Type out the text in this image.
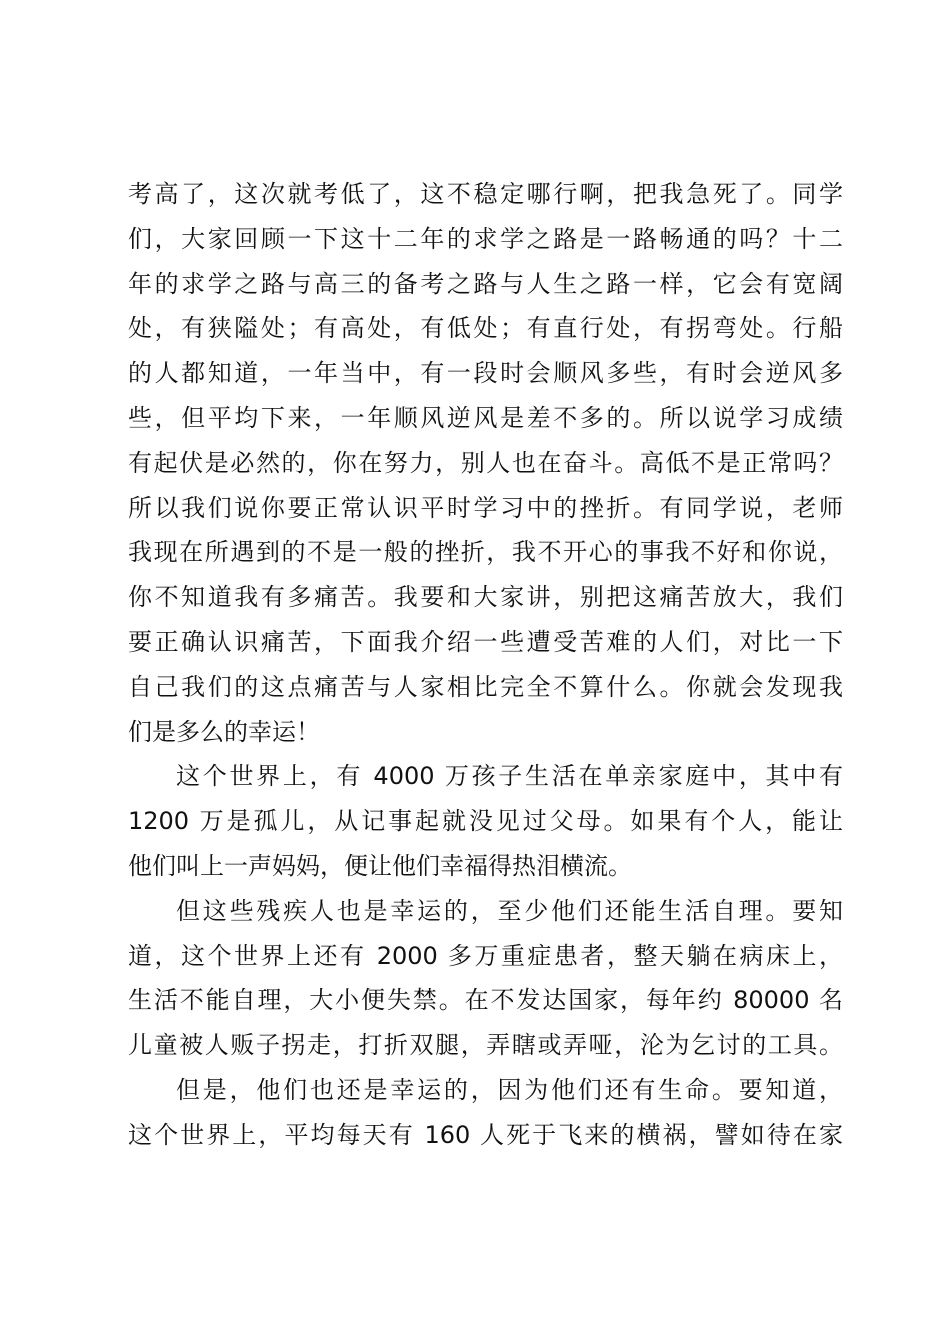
考高了，这次就考低了，这不稳定哪行啊，把我急死了。同学
们，大家回顾一下这十二年的求学之路是一路畅通的吗？十二
年的求学之路与高三的备考之路与人生之路一样，它会有宽阔
处，有狭隘处；有高处，有低处；有直行处，有拐弯处。行船
的人都知道，一年当中，有一段时会顺风多些，有时会逆风多
些，但平均下来，一年顺风逆风是差不多的。所以说学习成绩
有起伏是必然的，你在努力，别人也在奋斗。高低不是正常吗？
所以我们说你要正常认识平时学习中的挫折。有同学说，老师
我现在所遇到的不是一般的挫折，我不开心的事我不好和你说，
你不知道我有多痛苦。我要和大家讲，别把这痛苦放大，我们
要正确认识痛苦，下面我介绍一些遭受苦难的人们，对比一下
自己我们的这点痛苦与人家相比完全不算什么。你就会发现我
们是多么的幸运！
这个世界上，有 4000 万孩子生活在单亲家庭中，其中有
1200 万是孤儿，从记事起就没见过父母。如果有个人，能让
他们叫上一声妈妈，便让他们幸福得热泪横流。
但这些残疾人也是幸运的，至少他们还能生活自理。要知
道，这个世界上还有 2000 多万重症患者，整天躺在病床上，
生活不能自理，大小便失禁。在不发达国家，每年约 80000 名
儿童被人贩子拐走，打折双腿，弄瞎或弄哑，沦为乞讨的工具。
但是，他们也还是幸运的，因为他们还有生命。要知道，
这个世界上，平均每天有 160 人死于飞来的横祸，譬如待在家
